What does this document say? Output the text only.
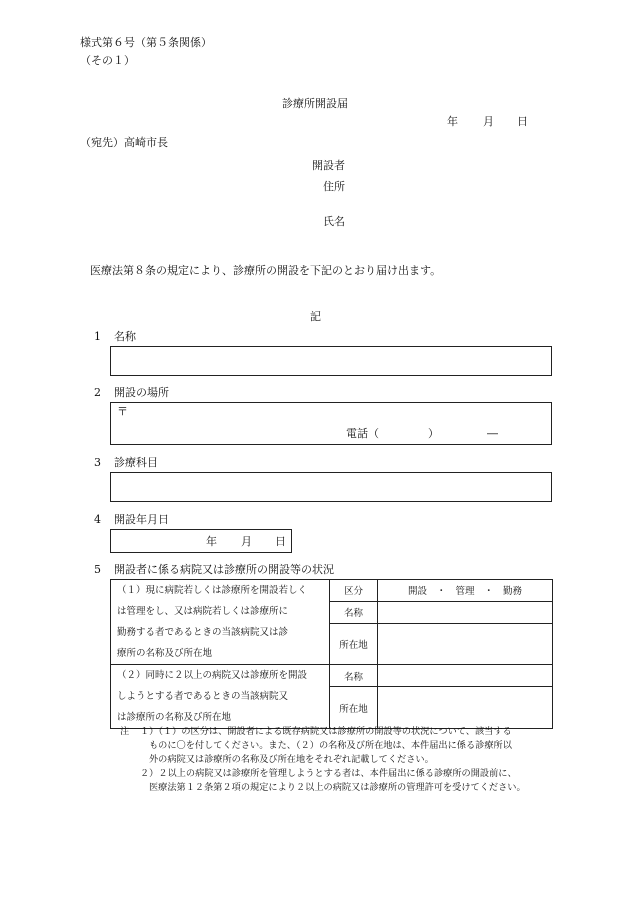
様式第６号（第５条関係）
（その１）
診療所開設届
年 月 日
（宛先）高崎市長
開設者
住所
氏名
医療法第８条の規定により、診療所の開設を下記のとおり届け出ます。
記
1 名称
2 開設の場所
〒
電話（	）	―
3 診療科目
4 開設年月日
年 月 日
5 開設者に係る病院又は診療所の開設等の状況
（１）現に病院若しくは診療所を開設若しく
は管理をし、又は病院若しくは診療所に
勤務する者であるときの当該病院又は診
療所の名称及び所在地	区分	開設　・　管理　・　勤務
	名称	
	所在地	

（２）同時に２以上の病院又は診療所を開設
しようとする者であるときの当該病院又
は診療所の名称及び所在地	名称	
	所在地	
注 １）（１）の区分は、開設者による既存病院又は診療所の開設等の状況について、該当する
ものに〇を付してください。また、（２）の名称及び所在地は、本件届出に係る診療所以
外の病院又は診療所の名称及び所在地をそれぞれ記載してください。
２）２以上の病院又は診療所を管理しようとする者は、本件届出に係る診療所の開設前に、
医療法第１２条第２項の規定により２以上の病院又は診療所の管理許可を受けてください。
